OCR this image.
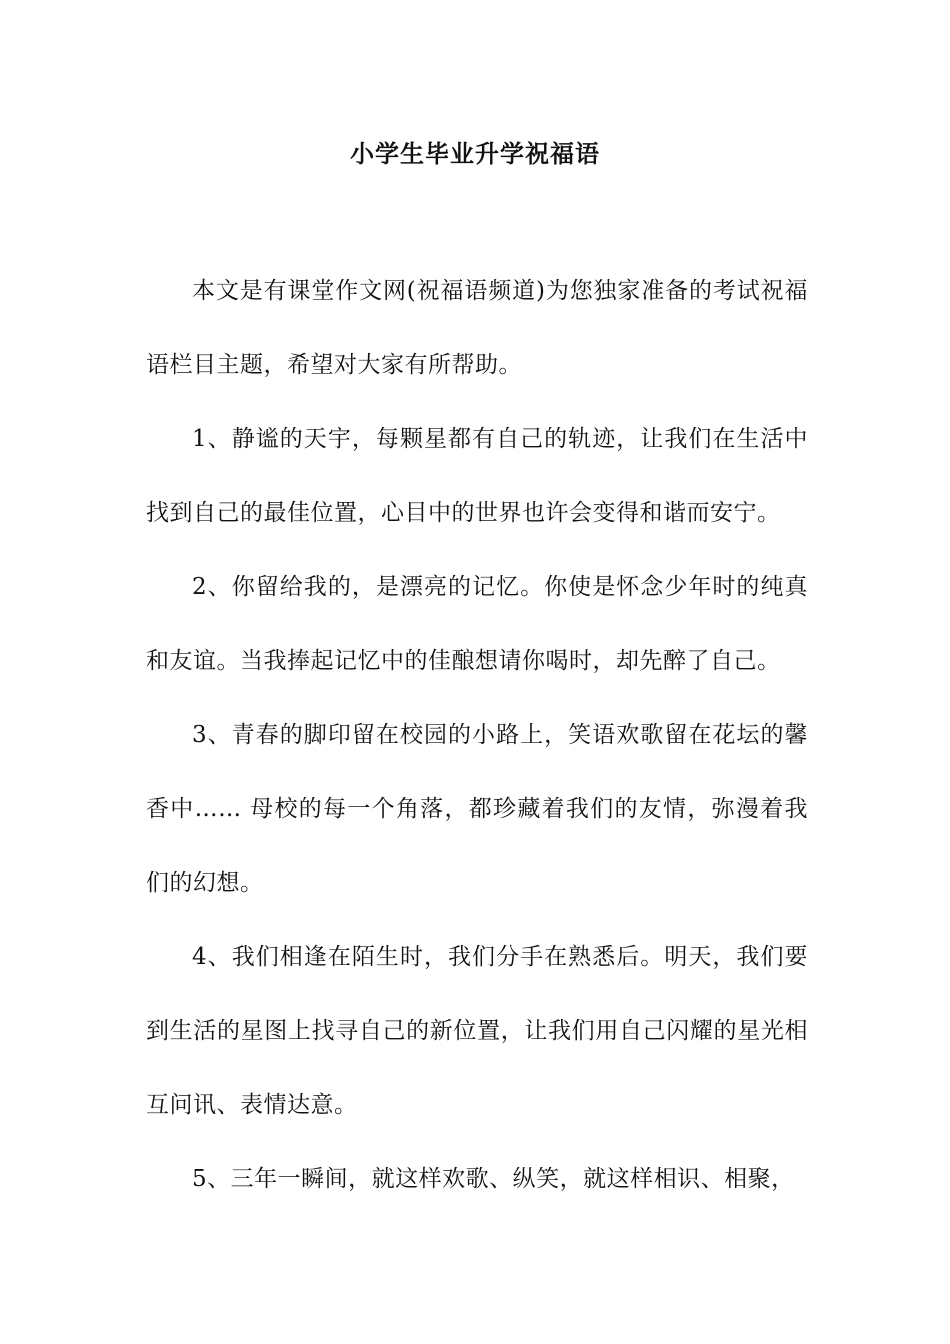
小学生毕业升学祝福语

本文是有课堂作文网(祝福语频道)为您独家准备的考试祝福语栏目主题，希望对大家有所帮助。

1、静谧的天宇，每颗星都有自己的轨迹，让我们在生活中找到自己的最佳位置，心目中的世界也许会变得和谐而安宁。

2、你留给我的，是漂亮的记忆。你使是怀念少年时的纯真和友谊。当我捧起记忆中的佳酿想请你喝时，却先醉了自己。

3、青春的脚印留在校园的小路上，笑语欢歌留在花坛的馨香中…… 母校的每一个角落，都珍藏着我们的友情，弥漫着我们的幻想。

4、我们相逢在陌生时，我们分手在熟悉后。明天，我们要到生活的星图上找寻自己的新位置，让我们用自己闪耀的星光相互问讯、表情达意。

5、三年一瞬间，就这样欢歌、纵笑，就这样相识、相聚，
